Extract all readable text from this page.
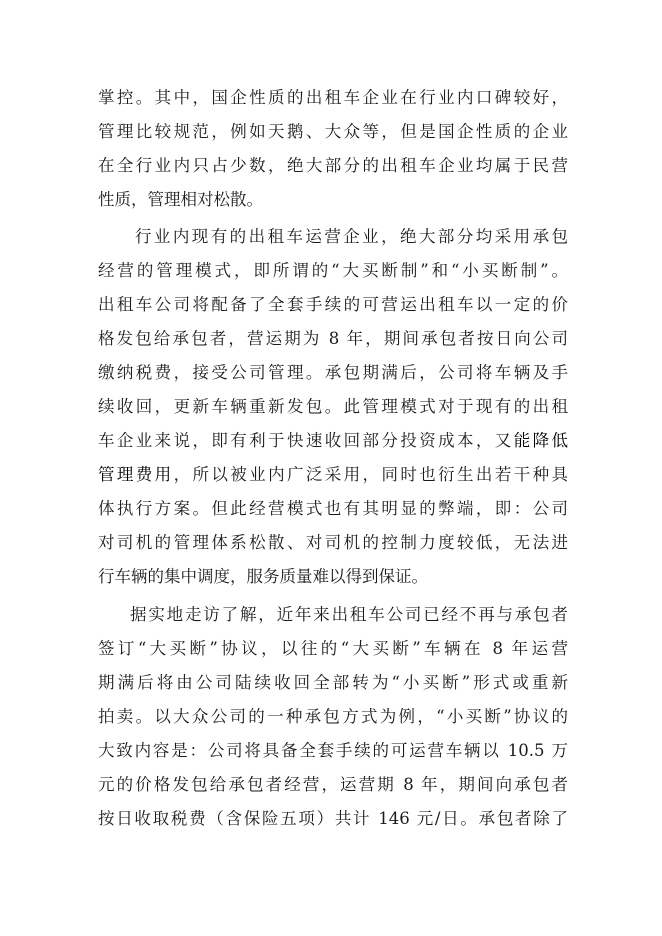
掌控。其中，国企性质的出租车企业在行业内口碑较好，
管理比较规范，例如天鹅、大众等，但是国企性质的企业
在全行业内只占少数，绝大部分的出租车企业均属于民营
性质，管理相对松散。
行业内现有的出租车运营企业，绝大部分均采用承包
经营的管理模式，即所谓的“大买断制”和“小买断制”。
出租车公司将配备了全套手续的可营运出租车以一定的价
格发包给承包者，营运期为 8 年，期间承包者按日向公司
缴纳税费，接受公司管理。承包期满后，公司将车辆及手
续收回，更新车辆重新发包。此管理模式对于现有的出租
车企业来说，即有利于快速收回部分投资成本，又能降低
管理费用，所以被业内广泛采用，同时也衍生出若干种具
体执行方案。但此经营模式也有其明显的弊端，即：公司
对司机的管理体系松散、对司机的控制力度较低，无法进
行车辆的集中调度，服务质量难以得到保证。
据实地走访了解，近年来出租车公司已经不再与承包者
签订“大买断”协议，以往的“大买断”车辆在 8 年运营
期满后将由公司陆续收回全部转为“小买断”形式或重新
拍卖。以大众公司的一种承包方式为例，“小买断”协议的
大致内容是：公司将具备全套手续的可运营车辆以 10.5 万
元的价格发包给承包者经营，运营期 8 年，期间向承包者
按日收取税费（含保险五项）共计 146 元/日。承包者除了
